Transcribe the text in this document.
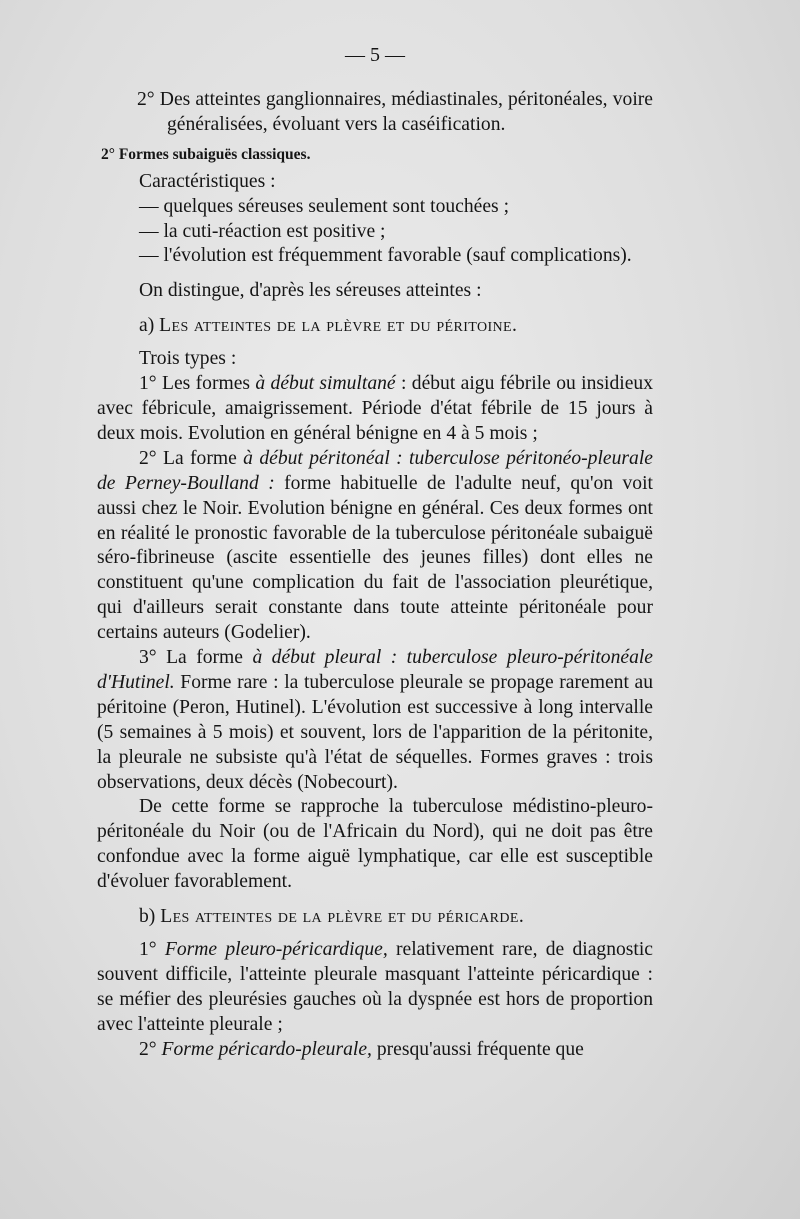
— 5 —

2° Des atteintes ganglionnaires, médiastinales, péritonéales, voire généralisées, évoluant vers la caséification.

2° Formes subaiguës classiques.

Caractéristiques :

— quelques séreuses seulement sont touchées ;

— la cuti-réaction est positive ;

— l'évolution est fréquemment favorable (sauf complications).

On distingue, d'après les séreuses atteintes :

a) Les atteintes de la plèvre et du péritoine.

Trois types :

1° Les formes à début simultané : début aigu fébrile ou insidieux avec fébricule, amaigrissement. Période d'état fébrile de 15 jours à deux mois. Evolution en général bénigne en 4 à 5 mois ;

2° La forme à début péritonéal : tuberculose péritonéo-pleurale de Perney-Boulland : forme habituelle de l'adulte neuf, qu'on voit aussi chez le Noir. Evolution bénigne en général. Ces deux formes ont en réalité le pronostic favorable de la tuberculose péritonéale subaiguë séro-fibrineuse (ascite essentielle des jeunes filles) dont elles ne constituent qu'une complication du fait de l'association pleurétique, qui d'ailleurs serait constante dans toute atteinte péritonéale pour certains auteurs (Godelier).

3° La forme à début pleural : tuberculose pleuro-péritonéale d'Hutinel. Forme rare : la tuberculose pleurale se propage rarement au péritoine (Peron, Hutinel). L'évolution est successive à long intervalle (5 semaines à 5 mois) et souvent, lors de l'apparition de la péritonite, la pleurale ne subsiste qu'à l'état de séquelles. Formes graves : trois observations, deux décès (Nobecourt).

De cette forme se rapproche la tuberculose médistino-pleuro-péritonéale du Noir (ou de l'Africain du Nord), qui ne doit pas être confondue avec la forme aiguë lymphatique, car elle est susceptible d'évoluer favorablement.

b) Les atteintes de la plèvre et du péricarde.

1° Forme pleuro-péricardique, relativement rare, de diagnostic souvent difficile, l'atteinte pleurale masquant l'atteinte péricardique : se méfier des pleurésies gauches où la dyspnée est hors de proportion avec l'atteinte pleurale ;

2° Forme péricardo-pleurale, presqu'aussi fréquente que
